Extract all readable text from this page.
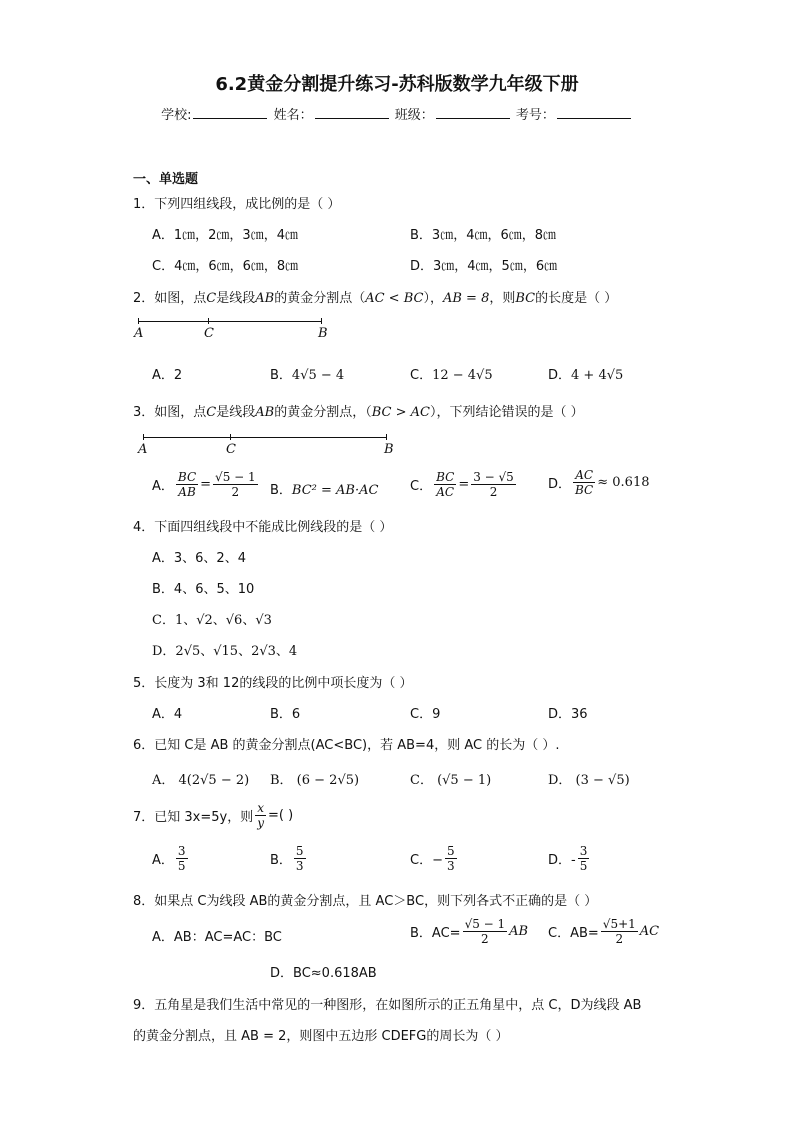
6.2黄金分割提升练习-苏科版数学九年级下册
学校:	姓名：	班级：	考号：
一、单选题
1．下列四组线段，成比例的是（ ）
A．1㎝，2㎝，3㎝，4㎝	B．3㎝，4㎝，6㎝，8㎝
C．4㎝，6㎝，6㎝，8㎝	D．3㎝，4㎝，5㎝，6㎝
2．如图，点C是线段AB的黄金分割点（AC < BC），AB = 8，则BC的长度是（ ）
A	C	B
A．2	B．4√5 − 4	C．12 − 4√5	D．4 + 4√5
3．如图，点C是线段AB的黄金分割点，（BC > AC），下列结论错误的是（ ）
A	C	B
A． $\frac{BC}{AB} = \frac{√5 - 1}{2}$ B．BC² = AB·AC C． $\frac{BC}{AC} = \frac{3 - √5}{2}$ D． $\frac{AC}{BC} \approx 0.618$
4．下面四组线段中不能成比例线段的是（ ）
A．3、6、2、4
B．4、6、5、10
C．1、√2、√6、√3
D．2√5、√15、2√3、4
5．长度为 3和 12的线段的比例中项长度为（ ）
A．4	B．6	C．9	D．36
6．已知 C是 AB 的黄金分割点(AC<BC)，若 AB=4，则 AC 的长为（ ）.
A． 4(2√5 − 2) B． (6 − 2√5)	C． (√5 − 1)	D． (3 − √5)
7．已知 3x=5y，则 $\frac{x}{y}$ =( )
A． $\frac{3}{5}$	B． $\frac{5}{3}$	C．− $\frac{5}{3}$	D．- $\frac{3}{5}$
8．如果点 C为线段 AB的黄金分割点，且 AC＞BC，则下列各式不正确的是（ ）
A．AB：AC=AC：BC	B．$AC= \frac{√5 - 1}{2}$ AB C．$AB= \frac{√5+1}{2}$ AC
D．BC≈0.618AB
9．五角星是我们生活中常见的一种图形，在如图所示的正五角星中，点 C，D为线段 AB
的黄金分割点，且 AB = 2，则图中五边形 CDEFG的周长为（ ）
